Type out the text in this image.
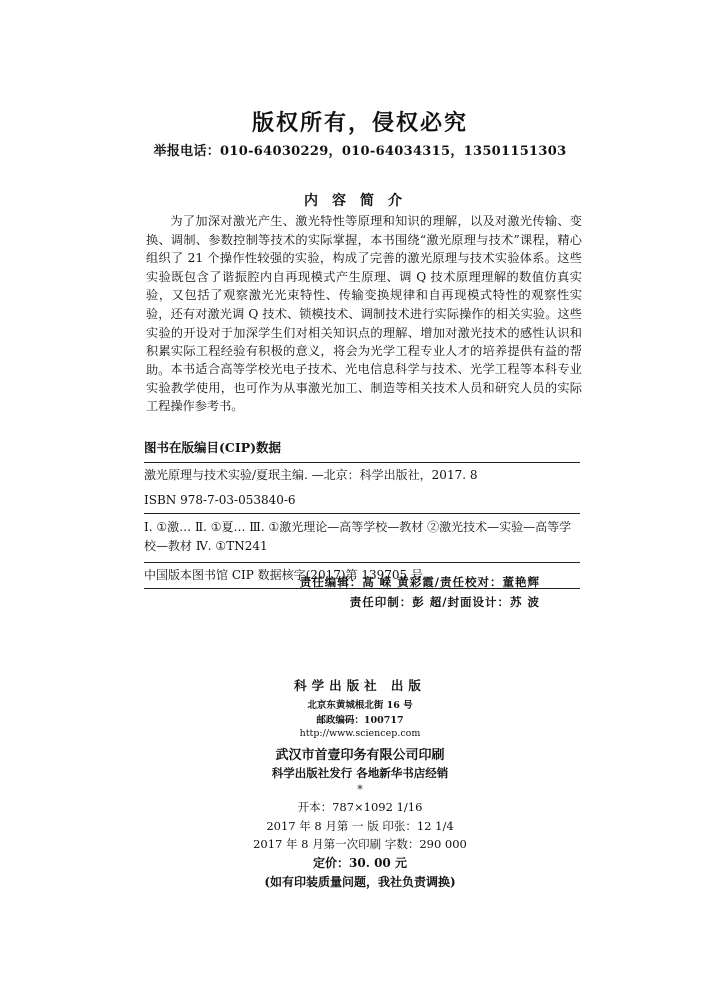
版权所有，侵权必究
举报电话：010-64030229，010-64034315，13501151303
内容简介
为了加深对激光产生、激光特性等原理和知识的理解，以及对激光传输、变换、调制、参数控制等技术的实际掌握，本书围绕“激光原理与技术”课程，精心组织了 21 个操作性较强的实验，构成了完善的激光原理与技术实验体系。这些实验既包含了谐振腔内自再现模式产生原理、调 Q 技术原理理解的数值仿真实验，又包括了观察激光光束特性、传输变换规律和自再现模式特性的观察性实验，还有对激光调 Q 技术、锁模技术、调制技术进行实际操作的相关实验。这些实验的开设对于加深学生们对相关知识点的理解、增加对激光技术的感性认识和积累实际工程经验有积极的意义，将会为光学工程专业人才的培养提供有益的帮助。 本书适合高等学校光电子技术、光电信息科学与技术、光学工程等本科专业实验教学使用，也可作为从事激光加工、制造等相关技术人员和研究人员的实际工程操作参考书。
图书在版编目(CIP)数据
激光原理与技术实验/夏珉主编. —北京：科学出版社，2017. 8
ISBN 978-7-03-053840-6
Ⅰ. ①激… Ⅱ. ①夏… Ⅲ. ①激光理论—高等学校—教材 ②激光技术—实验—高等学校—教材 Ⅳ. ①TN241
中国版本图书馆 CIP 数据核字(2017)第 139705 号
责任编辑：高 嵘 黄彩霞/责任校对：董艳辉
责任印制：彭 超/封面设计：苏 波
科学出版社 出版
北京东黄城根北街 16 号
邮政编码：100717
http://www.sciencep.com
武汉市首壹印务有限公司印刷
科学出版社发行 各地新华书店经销
*
开本：787×1092 1/16
2017 年 8 月第 一 版 印张：12 1/4
2017 年 8 月第一次印刷 字数：290 000
定价：30. 00 元
(如有印装质量问题，我社负责调换)
